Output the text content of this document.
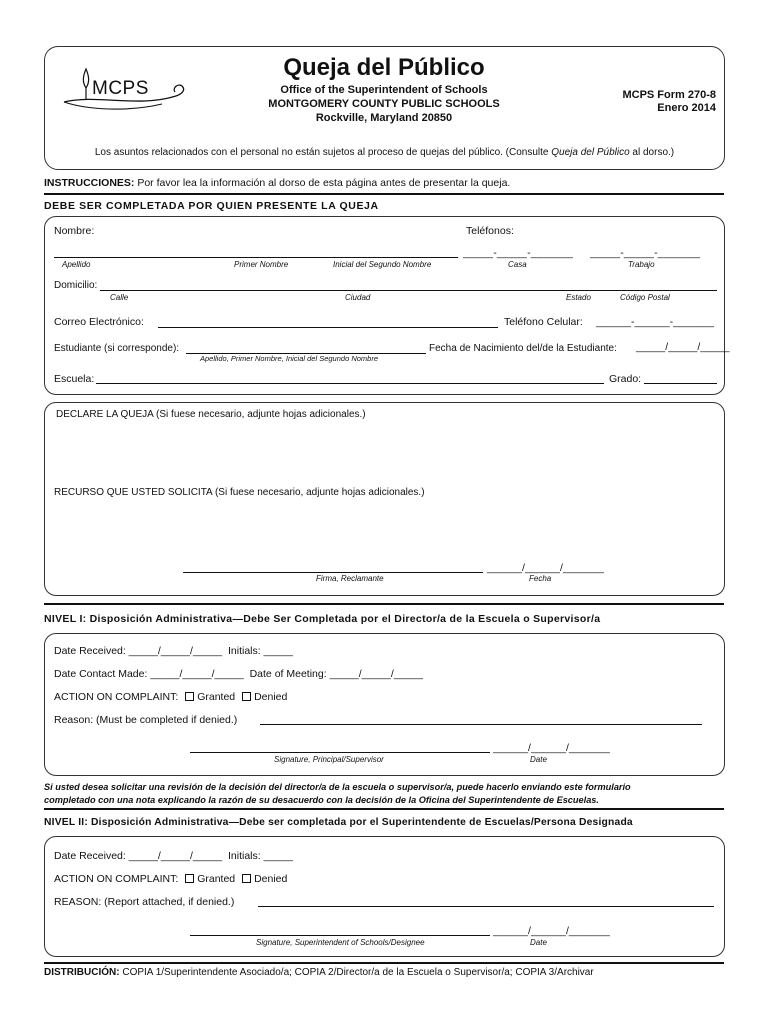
MCPS
Queja del Público
Office of the Superintendent of Schools
MONTGOMERY COUNTY PUBLIC SCHOOLS
Rockville, Maryland 20850
MCPS Form 270-8
Enero 2014
Los asuntos relacionados con el personal no están sujetos al proceso de quejas del público. (Consulte Queja del Público al dorso.)
INSTRUCCIONES: Por favor lea la información al dorso de esta página antes de presentar la queja.
DEBE SER COMPLETADA POR QUIEN PRESENTE LA QUEJA
Nombre:	Teléfonos:
_____-_____-_______ _____-_____-_______
Apellido	Primer Nombre	Inicial del Segundo Nombre	Casa	Trabajo
Domicilio:
Calle	Ciudad	Estado	Código Postal
Correo Electrónico:	Teléfono Celular: ______-______-_______
Estudiante (si corresponde):
Apellido, Primer Nombre, Inicial del Segundo Nombre
Fecha de Nacimiento del/de la Estudiante: _____/_____/_____
Escuela:	Grado:
DECLARE LA QUEJA (Si fuese necesario, adjunte hojas adicionales.)
RECURSO QUE USTED SOLICITA (Si fuese necesario, adjunte hojas adicionales.)
Firma, Reclamante
______/______/_______
Fecha
NIVEL I: Disposición Administrativa—Debe Ser Completada por el Director/a de la Escuela o Supervisor/a
Date Received: _____/_____/_____ Initials: _____
Date Contact Made: _____/_____/_____ Date of Meeting: _____/_____/_____
ACTION ON COMPLAINT: Granted Denied
Reason: (Must be completed if denied.)
Signature, Principal/Supervisor
______/______/_______
Date
Si usted desea solicitar una revisión de la decisión del director/a de la escuela o supervisor/a, puede hacerlo enviando este formulario
completado con una nota explicando la razón de su desacuerdo con la decisión de la Oficina del Superintendente de Escuelas.
NIVEL II: Disposición Administrativa—Debe ser completada por el Superintendente de Escuelas/Persona Designada
Date Received: _____/_____/_____ Initials: _____
ACTION ON COMPLAINT: Granted Denied
REASON: (Report attached, if denied.)
Signature, Superintendent of Schools/Designee
______/______/_______
Date
DISTRIBUCIÓN: COPIA 1/Superintendente Asociado/a; COPIA 2/Director/a de la Escuela o Supervisor/a; COPIA 3/Archivar
